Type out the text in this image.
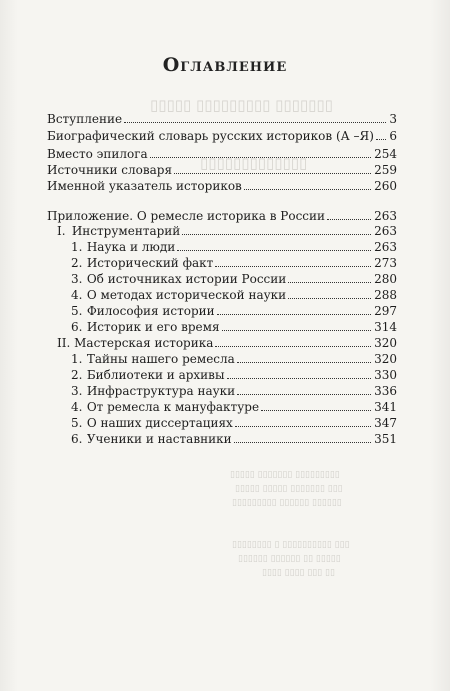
▯▯▯▯▯ ▯▯▯▯▯▯▯▯▯ ▯▯▯▯▯▯▯
▯▯▯▯▯▯▯▯▯▯▯▯▯
▯▯▯▯▯ ▯▯▯▯▯▯▯ ▯▯▯▯▯▯▯▯▯
▯▯▯▯▯ ▯▯▯▯▯ ▯▯▯▯▯▯▯ ▯▯▯
▯▯▯▯▯▯▯▯▯ ▯▯▯▯▯▯ ▯▯▯▯▯▯
▯▯▯▯▯▯▯▯ ▯ ▯▯▯▯▯▯▯▯▯▯ ▯▯▯
▯▯▯▯▯▯ ▯▯▯▯▯▯ ▯▯ ▯▯▯▯▯
▯▯▯▯ ▯▯▯▯ ▯▯▯ ▯▯
Оглавление
Вступление	3
Биографический словарь русских историков (А –Я) 6
Вместо эпилога	254
Источники словаря	259
Именной указатель историков	260
Приложение. О ремесле историка в России	263
I. Инструментарий	263
1. Наука и люди	263
2. Исторический факт	273
3. Об источниках истории России	280
4. О методах исторической науки	288
5. Философия истории	297
6. Историк и его время	314
II. Мастерская историка	320
1. Тайны нашего ремесла	320
2. Библиотеки и архивы	330
3. Инфраструктура науки	336
4. От ремесла к мануфактуре	341
5. О наших диссертациях	347
6. Ученики и наставники	351
